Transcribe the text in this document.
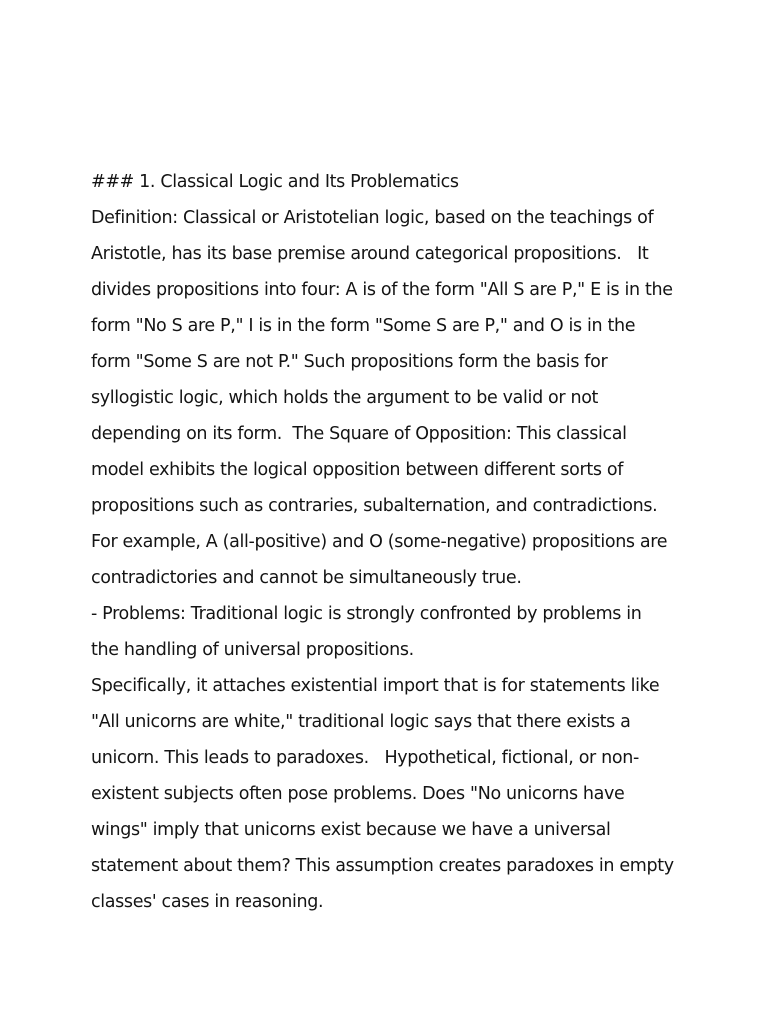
### 1. Classical Logic and Its Problematics
Definition: Classical or Aristotelian logic, based on the teachings of
Aristotle, has its base premise around categorical propositions.   It
divides propositions into four: A is of the form "All S are P," E is in the
form "No S are P," I is in the form "Some S are P," and O is in the
form "Some S are not P." Such propositions form the basis for
syllogistic logic, which holds the argument to be valid or not
depending on its form.  The Square of Opposition: This classical
model exhibits the logical opposition between different sorts of
propositions such as contraries, subalternation, and contradictions.
For example, A (all-positive) and O (some-negative) propositions are
contradictories and cannot be simultaneously true.
- Problems: Traditional logic is strongly confronted by problems in
the handling of universal propositions.
Specifically, it attaches existential import that is for statements like
"All unicorns are white," traditional logic says that there exists a
unicorn. This leads to paradoxes.   Hypothetical, fictional, or non-
existent subjects often pose problems. Does "No unicorns have
wings" imply that unicorns exist because we have a universal
statement about them? This assumption creates paradoxes in empty
classes' cases in reasoning.
